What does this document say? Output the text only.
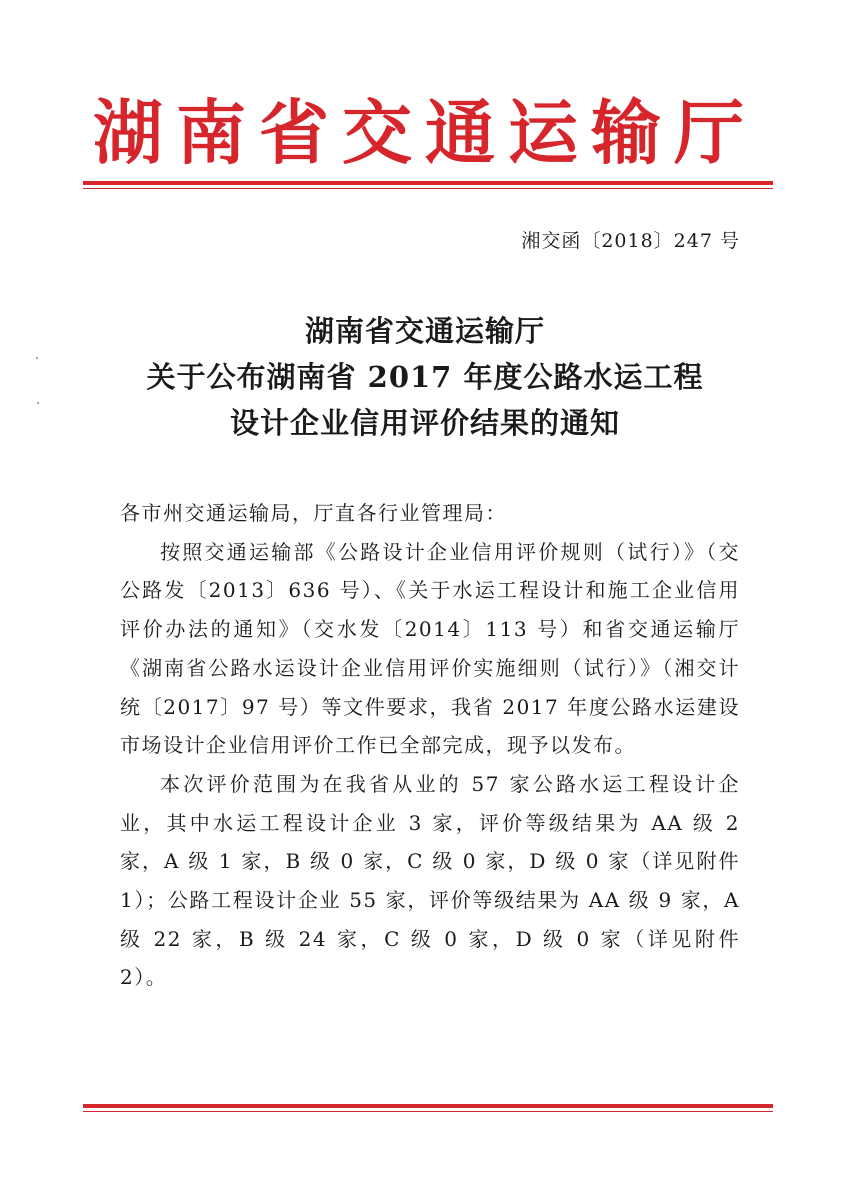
湖南省交通运输厅
湘交函〔2018〕247 号
湖南省交通运输厅
关于公布湖南省 2017 年度公路水运工程
设计企业信用评价结果的通知
各市州交通运输局，厅直各行业管理局：
按照交通运输部《公路设计企业信用评价规则（试行）》（交公路发〔2013〕636 号）、《关于水运工程设计和施工企业信用评价办法的通知》（交水发〔2014〕113 号）和省交通运输厅《湖南省公路水运设计企业信用评价实施细则（试行）》（湘交计统〔2017〕97 号）等文件要求，我省 2017 年度公路水运建设市场设计企业信用评价工作已全部完成，现予以发布。
本次评价范围为在我省从业的 57 家公路水运工程设计企业，其中水运工程设计企业 3 家，评价等级结果为 AA 级 2 家，A 级 1 家，B 级 0 家，C 级 0 家，D 级 0 家（详见附件 1）；公路工程设计企业 55 家，评价等级结果为 AA 级 9 家，A 级 22 家，B 级 24 家，C 级 0 家，D 级 0 家（详见附件 2）。
